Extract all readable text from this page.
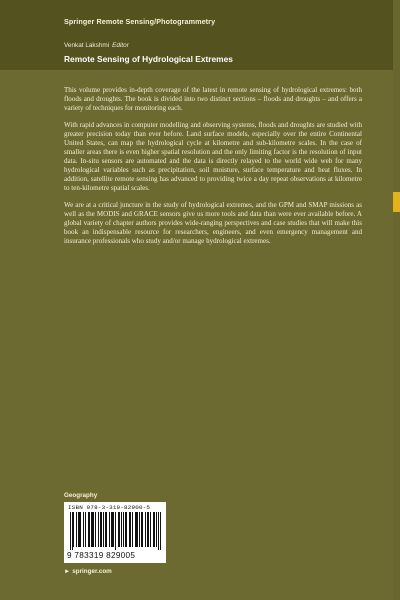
Springer Remote Sensing/Photogrammetry
Venkat Lakshmi Editor
Remote Sensing of Hydrological Extremes

This volume provides in-depth coverage of the latest in remote sensing of hydrological extremes: both floods and droughts. The book is divided into two distinct sections – floods and droughts – and offers a variety of techniques for monitoring each.

With rapid advances in computer modelling and observing systems, floods and droughts are studied with greater precision today than ever before. Land surface models, especially over the entire Continental United States, can map the hydrological cycle at kilometre and sub-kilometre scales. In the case of smaller areas there is even higher spatial resolution and the only limiting factor is the resolution of input data. In-situ sensors are automated and the data is directly relayed to the world wide web for many hydrological variables such as precipitation, soil moisture, surface temperature and heat fluxes. In addition, satellite remote sensing has advanced to providing twice a day repeat observations at kilometre to ten-kilometre spatial scales.

We are at a critical juncture in the study of hydrological extremes, and the GPM and SMAP missions as well as the MODIS and GRACE sensors give us more tools and data than were ever available before. A global variety of chapter authors provides wide-ranging perspectives and case studies that will make this book an indispensable resource for researchers, engineers, and even emergency management and insurance professionals who study and/or manage hydrological extremes.

Geography
ISBN 978-3-319-82900-5
9 783319 829005
► springer.com
